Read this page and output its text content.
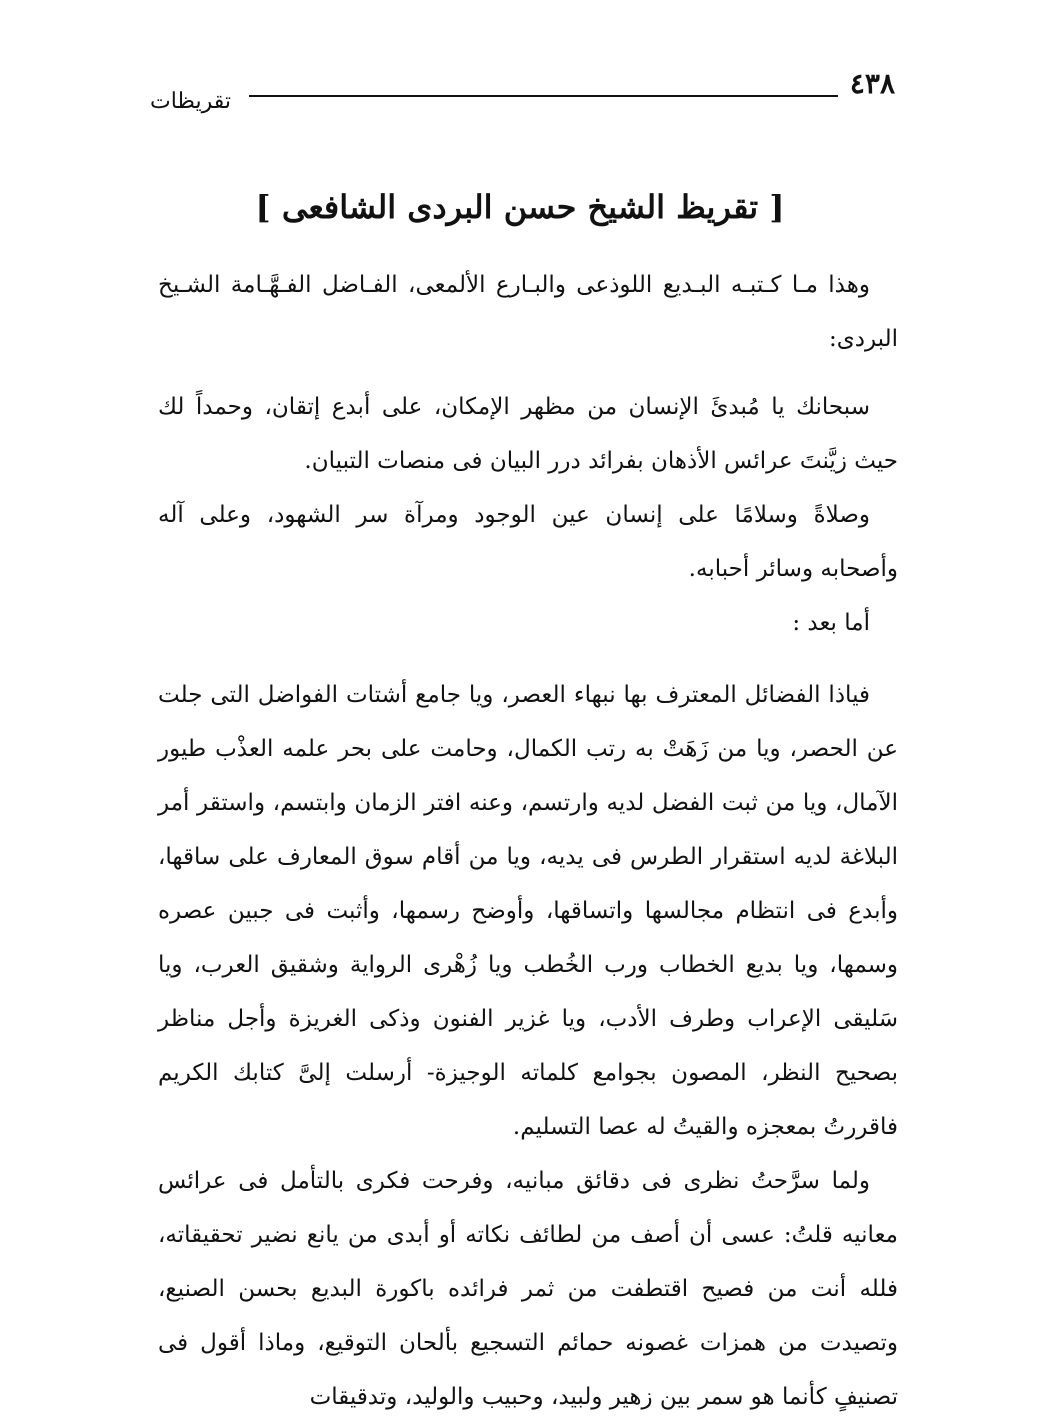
تقريظات
٤٣٨
[ تقريظ الشيخ حسن البردى الشافعى ]

وهذا مـا كـتبـه البـديع اللوذعى والبـارع الألمعى، الفـاضل الفـهَّـامة الشـيخ البردى:

سبحانك يا مُبدئَ الإنسان من مظهر الإمكان، على أبدع إتقان، وحمداً لك حيث زيَّنتَ عرائس الأذهان بفرائد درر البيان فى منصات التبيان.

وصلاةً وسلامًا على إنسان عين الوجود ومرآة سر الشهود، وعلى آله وأصحابه وسائر أحبابه.

أما بعد :

فياذا الفضائل المعترف بها نبهاء العصر، ويا جامع أشتات الفواضل التى جلت عن الحصر، ويا من زَهَتْ به رتب الكمال، وحامت على بحر علمه العذْب طيور الآمال، ويا من ثبت الفضل لديه وارتسم، وعنه افتر الزمان وابتسم، واستقر أمر البلاغة لديه استقرار الطرس فى يديه، ويا من أقام سوق المعارف على ساقها، وأبدع فى انتظام مجالسها واتساقها، وأوضح رسمها، وأثبت فى جبين عصره وسمها، ويا بديع الخطاب ورب الخُطب ويا زُهْرى الرواية وشقيق العرب، ويا سَليقى الإعراب وطرف الأدب، ويا غزير الفنون وذكى الغريزة وأجل مناظر بصحيح النظر، المصون بجوامع كلماته الوجيزة- أرسلت إلىَّ كتابك الكريم فاقررتُ بمعجزه والقيتُ له عصا التسليم.

ولما سرَّحتُ نظرى فى دقائق مبانيه، وفرحت فكرى بالتأمل فى عرائس معانيه قلتُ: عسى أن أصف من لطائف نكاته أو أبدى من يانع نضير تحقيقاته، فلله أنت من فصيح اقتطفت من ثمر فرائده باكورة البديع بحسن الصنيع، وتصيدت من همزات غصونه حمائم التسجيع بألحان التوقيع، وماذا أقول فى تصنيفٍ كأنما هو سمر بين زهير ولبيد، وحبيب والوليد، وتدقيقات
